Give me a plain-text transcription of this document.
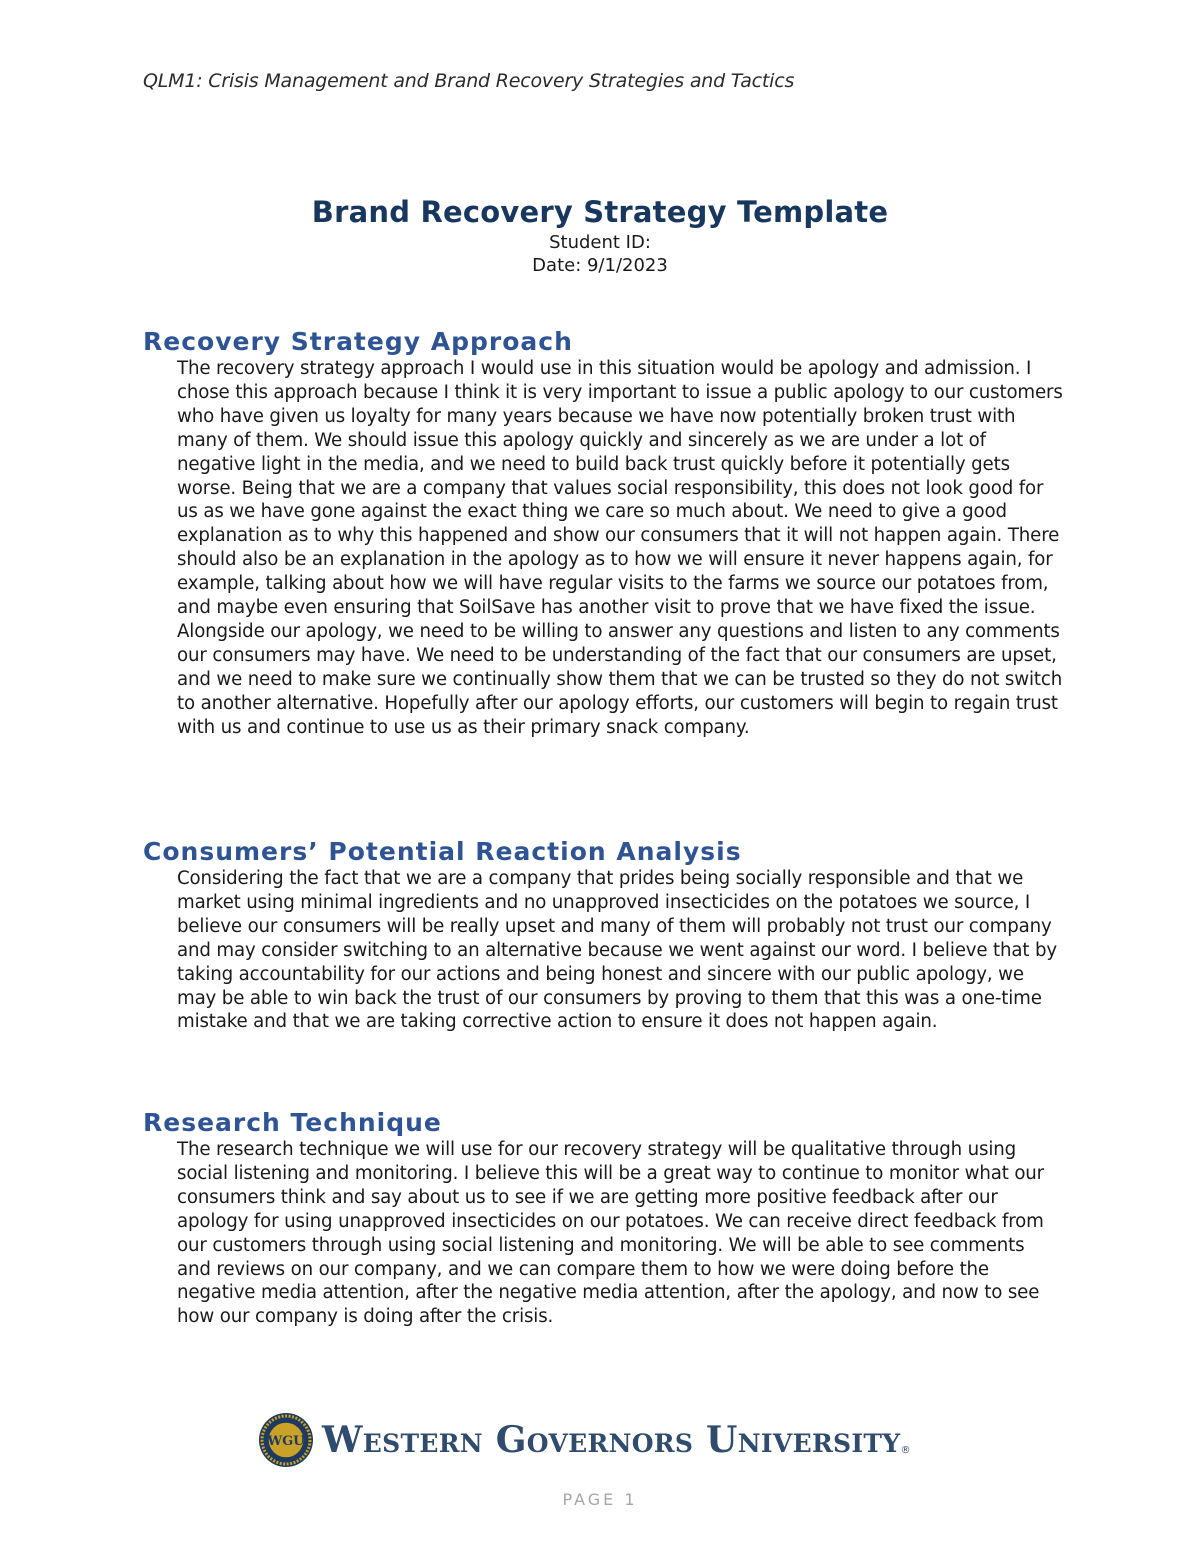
QLM1: Crisis Management and Brand Recovery Strategies and Tactics
Brand Recovery Strategy Template
Student ID:
Date: 9/1/2023
Recovery Strategy Approach

The recovery strategy approach I would use in this situation would be apology and admission. I chose this approach because I think it is very important to issue a public apology to our customers who have given us loyalty for many years because we have now potentially broken trust with many of them. We should issue this apology quickly and sincerely as we are under a lot of negative light in the media, and we need to build back trust quickly before it potentially gets worse. Being that we are a company that values social responsibility, this does not look good for us as we have gone against the exact thing we care so much about. We need to give a good explanation as to why this happened and show our consumers that it will not happen again. There should also be an explanation in the apology as to how we will ensure it never happens again, for example, talking about how we will have regular visits to the farms we source our potatoes from, and maybe even ensuring that SoilSave has another visit to prove that we have fixed the issue. Alongside our apology, we need to be willing to answer any questions and listen to any comments our consumers may have. We need to be understanding of the fact that our consumers are upset, and we need to make sure we continually show them that we can be trusted so they do not switch to another alternative. Hopefully after our apology efforts, our customers will begin to regain trust with us and continue to use us as their primary snack company.

Consumers’ Potential Reaction Analysis

Considering the fact that we are a company that prides being socially responsible and that we market using minimal ingredients and no unapproved insecticides on the potatoes we source, I believe our consumers will be really upset and many of them will probably not trust our company and may consider switching to an alternative because we went against our word. I believe that by taking accountability for our actions and being honest and sincere with our public apology, we may be able to win back the trust of our consumers by proving to them that this was a one-time mistake and that we are taking corrective action to ensure it does not happen again.

Research Technique

The research technique we will use for our recovery strategy will be qualitative through using social listening and monitoring. I believe this will be a great way to continue to monitor what our consumers think and say about us to see if we are getting more positive feedback after our apology for using unapproved insecticides on our potatoes. We can receive direct feedback from our customers through using social listening and monitoring. We will be able to see comments and reviews on our company, and we can compare them to how we were doing before the negative media attention, after the negative media attention, after the apology, and now to see how our company is doing after the crisis.

WGU Western Governors University ®
PAGE 1
